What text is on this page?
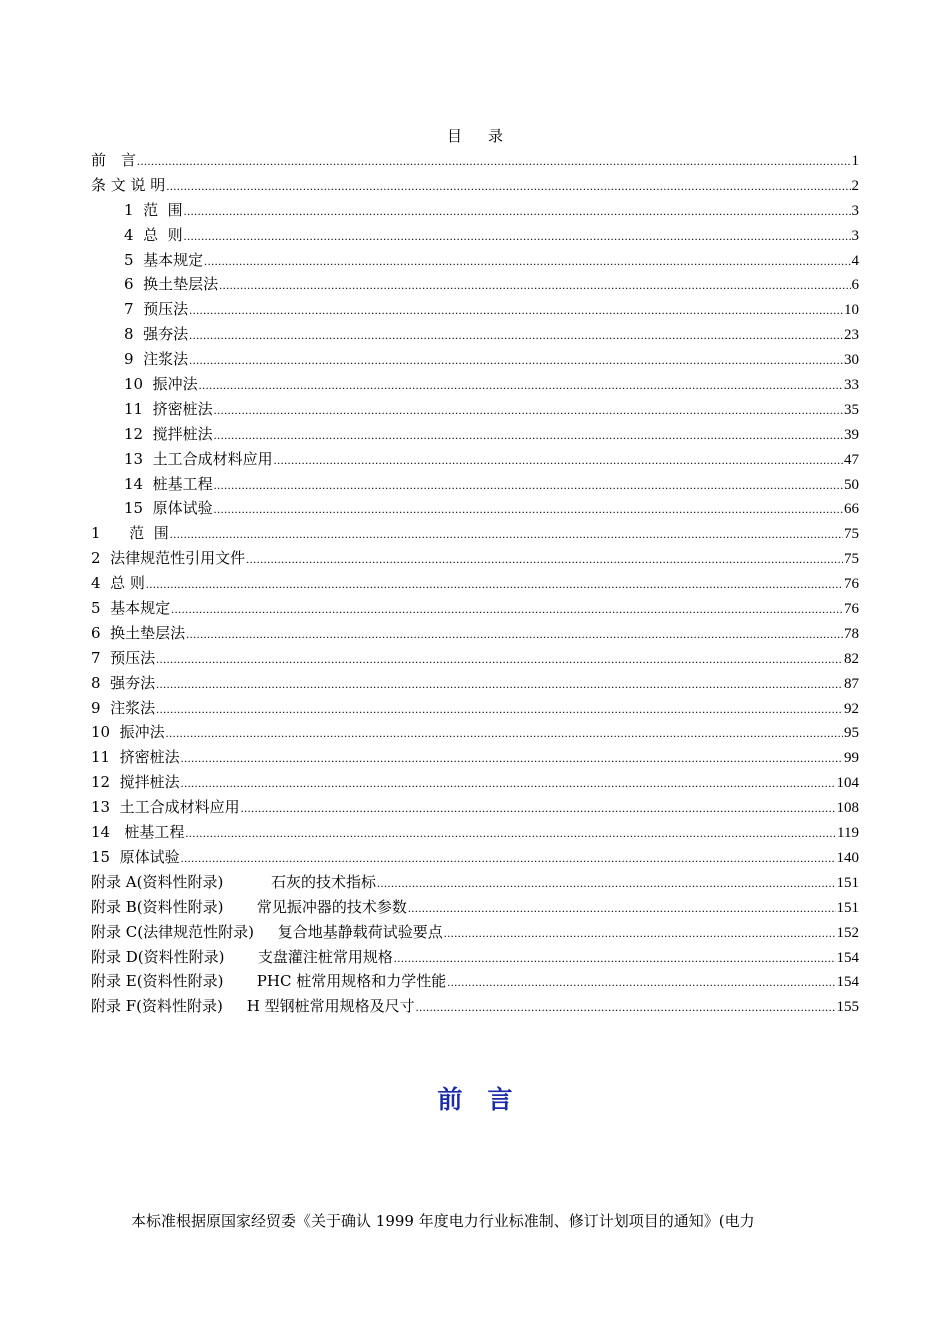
目 录
前　言 .....	1
条 文 说 明 .....	2
1  范  围 .....	3
4  总  则 .....	3
5  基本规定 .....	4
6  换土垫层法 .....	6
7  预压法 .....	10
8  强夯法 .....	23
9  注浆法 .....	30
10  振冲法 .....	33
11  挤密桩法 .....	35
12  搅拌桩法 .....	39
13  土工合成材料应用 .....	47
14  桩基工程 .....	50
15  原体试验 .....	66
1      范  围 .....	75
2  法律规范性引用文件 .....	75
4  总 则 .....	76
5  基本规定 .....	76
6  换土垫层法 .....	78
7  预压法 .....	82
8  强夯法 .....	87
9  注浆法 .....	92
10  振冲法 .....	95
11  挤密桩法 .....	99
12  搅拌桩法 .....	104
13  土工合成材料应用 .....	108
14   桩基工程 .....	119
15  原体试验 .....	140
附录 A(资料性附录)          石灰的技术指标 .....	151
附录 B(资料性附录)       常见振冲器的技术参数 .....	151
附录 C(法律规范性附录)     复合地基静载荷试验要点 .....	152
附录 D(资料性附录)       支盘灌注桩常用规格 .....	154
附录 E(资料性附录)       PHC 桩常用规格和力学性能 .....	154
附录 F(资料性附录)     H 型钢桩常用规格及尺寸 .....	155
前　言
本标准根据原国家经贸委《关于确认 1999 年度电力行业标准制、修订计划项目的通知》(电力
